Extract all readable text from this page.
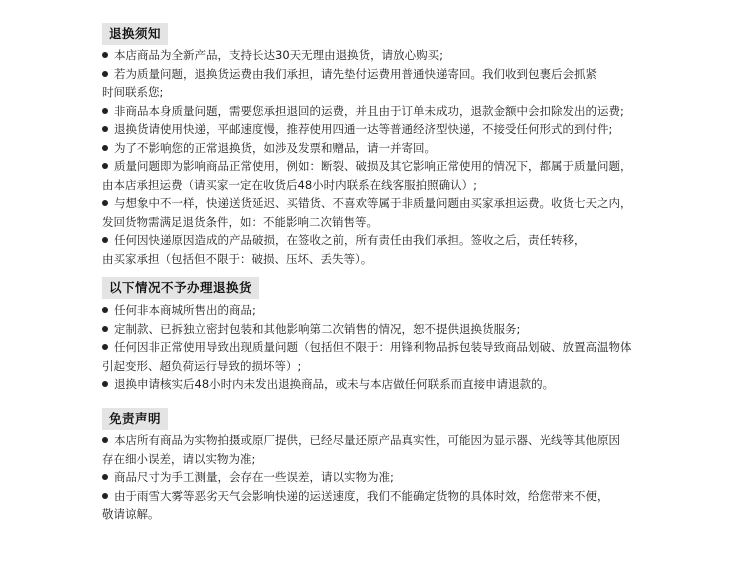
退换须知
本店商品为全新产品，支持长达30天无理由退换货，请放心购买;
若为质量问题，退换货运费由我们承担，请先垫付运费用普通快递寄回。我们收到包裹后会抓紧
时间联系您;
非商品本身质量问题，需要您承担退回的运费，并且由于订单未成功，退款金额中会扣除发出的运费;
退换货请使用快递，平邮速度慢，推荐使用四通一达等普通经济型快递，不接受任何形式的到付件;
为了不影响您的正常退换货，如涉及发票和赠品，请一并寄回。
质量问题即为影响商品正常使用，例如：断裂、破损及其它影响正常使用的情况下，都属于质量问题，
由本店承担运费（请买家一定在收货后48小时内联系在线客服拍照确认）;
与想象中不一样，快递送货延迟、买错货、不喜欢等属于非质量问题由买家承担运费。收货七天之内，
发回货物需满足退货条件，如：不能影响二次销售等。
任何因快递原因造成的产品破损，在签收之前，所有责任由我们承担。签收之后，责任转移，
由买家承担（包括但不限于：破损、压坏、丢失等）。
以下情况不予办理退换货
任何非本商城所售出的商品;
定制款、已拆独立密封包装和其他影响第二次销售的情况，恕不提供退换货服务;
任何因非正常使用导致出现质量问题（包括但不限于：用锋利物品拆包装导致商品划破、放置高温物体
引起变形、超负荷运行导致的损坏等）;
退换申请核实后48小时内未发出退换商品，或未与本店做任何联系而直接申请退款的。
免责声明
本店所有商品为实物拍摄或原厂提供，已经尽量还原产品真实性，可能因为显示器、光线等其他原因
存在细小误差，请以实物为准;
商品尺寸为手工测量，会存在一些误差，请以实物为准;
由于雨雪大雾等恶劣天气会影响快递的运送速度，我们不能确定货物的具体时效，给您带来不便，
敬请谅解。
